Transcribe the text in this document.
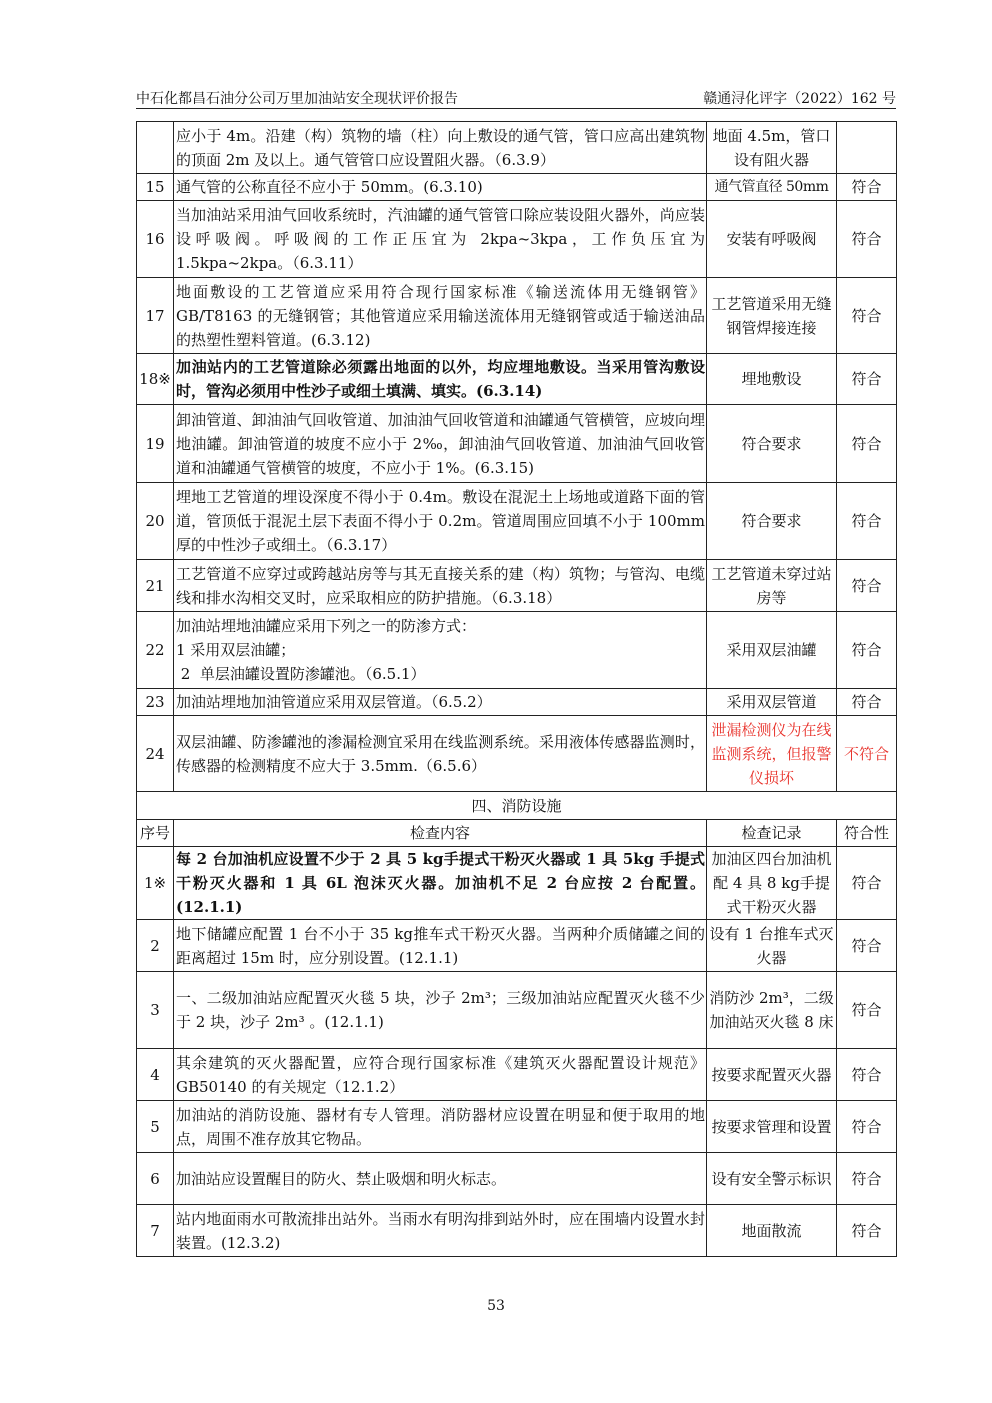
中石化都昌石油分公司万里加油站安全现状评价报告	赣通浔化评字（2022）162 号
	应小于 4m。沿建（构）筑物的墙（柱）向上敷设的通气管，管口应高出建筑物的顶面 2m 及以上。通气管管口应设置阻火器。（6.3.9）	地面 4.5m，管口设有阻火器	
15	通气管的公称直径不应小于 50mm。(6.3.10)	通气管直径 50mm	符合
16	当加油站采用油气回收系统时，汽油罐的通气管管口除应装设阻火器外，尚应装设呼吸阀。呼吸阀的工作正压宜为 2kpa~3kpa，工作负压宜为 1.5kpa~2kpa。（6.3.11）	安装有呼吸阀	符合
17	地面敷设的工艺管道应采用符合现行国家标准《输送流体用无缝钢管》GB/T8163 的无缝钢管；其他管道应采用输送流体用无缝钢管或适于输送油品的热塑性塑料管道。(6.3.12)	工艺管道采用无缝钢管焊接连接	符合
18※	加油站内的工艺管道除必须露出地面的以外，均应埋地敷设。当采用管沟敷设时，管沟必须用中性沙子或细土填满、填实。(6.3.14)	埋地敷设	符合
19	卸油管道、卸油油气回收管道、加油油气回收管道和油罐通气管横管，应坡向埋地油罐。卸油管道的坡度不应小于 2‰，卸油油气回收管道、加油油气回收管道和油罐通气管横管的坡度，不应小于 1%。(6.3.15)	符合要求	符合
20	埋地工艺管道的埋设深度不得小于 0.4m。敷设在混泥土上场地或道路下面的管道，管顶低于混泥土层下表面不得小于 0.2m。管道周围应回填不小于 100mm 厚的中性沙子或细土。（6.3.17）	符合要求	符合
21	工艺管道不应穿过或跨越站房等与其无直接关系的建（构）筑物；与管沟、电缆线和排水沟相交叉时，应采取相应的防护措施。（6.3.18）	工艺管道未穿过站房等	符合
22	加油站埋地油罐应采用下列之一的防渗方式：
1 采用双层油罐；
2  单层油罐设置防渗罐池。（6.5.1）	采用双层油罐	符合
23	加油站埋地加油管道应采用双层管道。（6.5.2）	采用双层管道	符合
24	双层油罐、防渗罐池的渗漏检测宜采用在线监测系统。采用液体传感器监测时，传感器的检测精度不应大于 3.5mm.（6.5.6）	泄漏检测仪为在线监测系统，但报警仪损坏	不符合
四、消防设施			
序号	检查内容	检查记录	符合性
1※	每 2 台加油机应设置不少于 2 具 5 kg手提式干粉灭火器或 1 具 5kg 手提式干粉灭火器和 1 具 6L 泡沫灭火器。加油机不足 2 台应按 2 台配置。(12.1.1)	加油区四台加油机配 4 具 8 kg手提式干粉灭火器	符合
2	地下储罐应配置 1 台不小于 35 kg推车式干粉灭火器。当两种介质储罐之间的距离超过 15m 时，应分别设置。(12.1.1)	设有 1 台推车式灭火器	符合
3	一、二级加油站应配置灭火毯 5 块，沙子 2m³；三级加油站应配置灭火毯不少于 2 块，沙子 2m³ 。(12.1.1)	消防沙 2m³，二级加油站灭火毯 8 床	符合
4	其余建筑的灭火器配置，应符合现行国家标准《建筑灭火器配置设计规范》GB50140 的有关规定（12.1.2）	按要求配置灭火器	符合
5	加油站的消防设施、器材有专人管理。消防器材应设置在明显和便于取用的地点，周围不准存放其它物品。	按要求管理和设置	符合
6	加油站应设置醒目的防火、禁止吸烟和明火标志。	设有安全警示标识	符合
7	站内地面雨水可散流排出站外。当雨水有明沟排到站外时，应在围墙内设置水封装置。(12.3.2)	地面散流	符合
53
